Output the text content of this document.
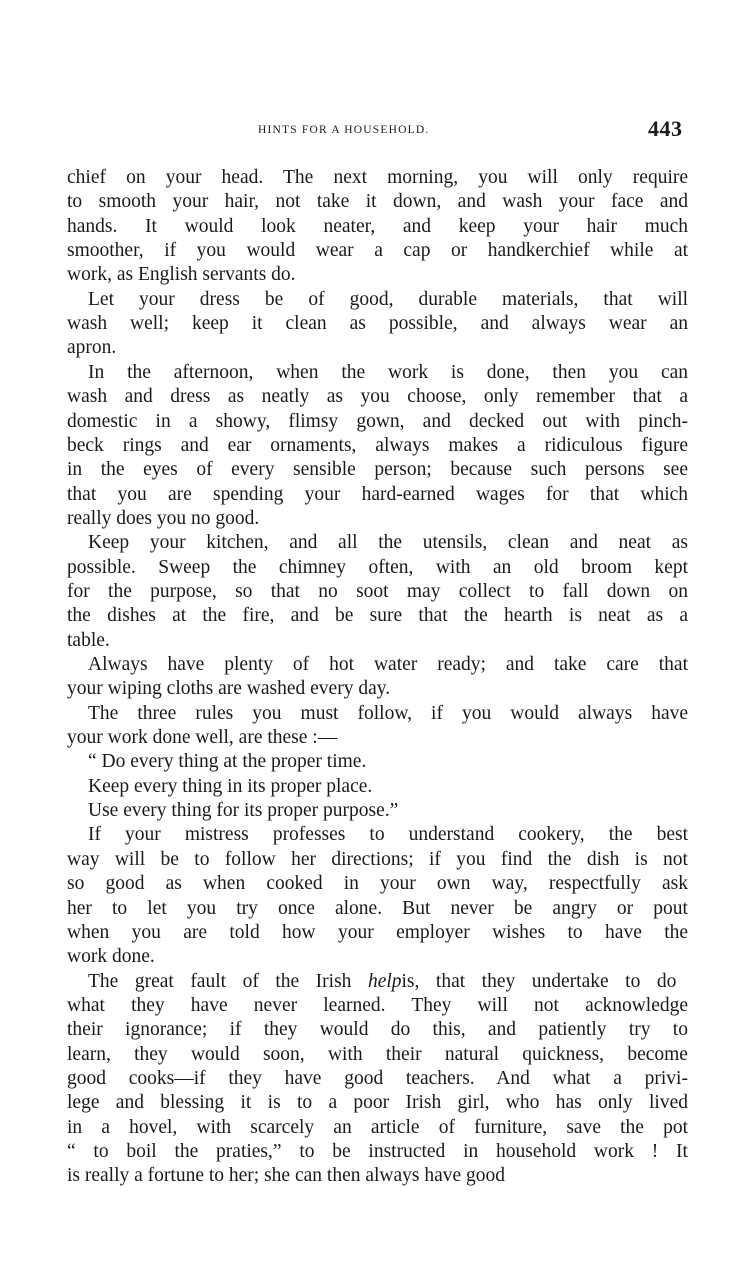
HINTS FOR A HOUSEHOLD.	443
chief on your head. The next morning, you will only require
to smooth your hair, not take it down, and wash your face and
hands. It would look neater, and keep your hair much
smoother, if you would wear a cap or handkerchief while at
work, as English servants do.
Let your dress be of good, durable materials, that will
wash well; keep it clean as possible, and always wear an
apron.
In the afternoon, when the work is done, then you can
wash and dress as neatly as you choose, only remember that a
domestic in a showy, flimsy gown, and decked out with pinch-
beck rings and ear ornaments, always makes a ridiculous figure
in the eyes of every sensible person; because such persons see
that you are spending your hard-earned wages for that which
really does you no good.
Keep your kitchen, and all the utensils, clean and neat as
possible. Sweep the chimney often, with an old broom kept
for the purpose, so that no soot may collect to fall down on
the dishes at the fire, and be sure that the hearth is neat as a
table.
Always have plenty of hot water ready; and take care that
your wiping cloths are washed every day.
The three rules you must follow, if you would always have
your work done well, are these :—
“ Do every thing at the proper time.
Keep every thing in its proper place.
Use every thing for its proper purpose.”
If your mistress professes to understand cookery, the best
way will be to follow her directions; if you find the dish is not
so good as when cooked in your own way, respectfully ask
her to let you try once alone. But never be angry or pout
when you are told how your employer wishes to have the
work done.
The great fault of the Irish helpis, that they undertake to do
what they have never learned. They will not acknowledge
their ignorance; if they would do this, and patiently try to
learn, they would soon, with their natural quickness, become
good cooks—if they have good teachers. And what a privi-
lege and blessing it is to a poor Irish girl, who has only lived
in a hovel, with scarcely an article of furniture, save the pot
“ to boil the praties,” to be instructed in household work ! It
is really a fortune to her; she can then always have good
